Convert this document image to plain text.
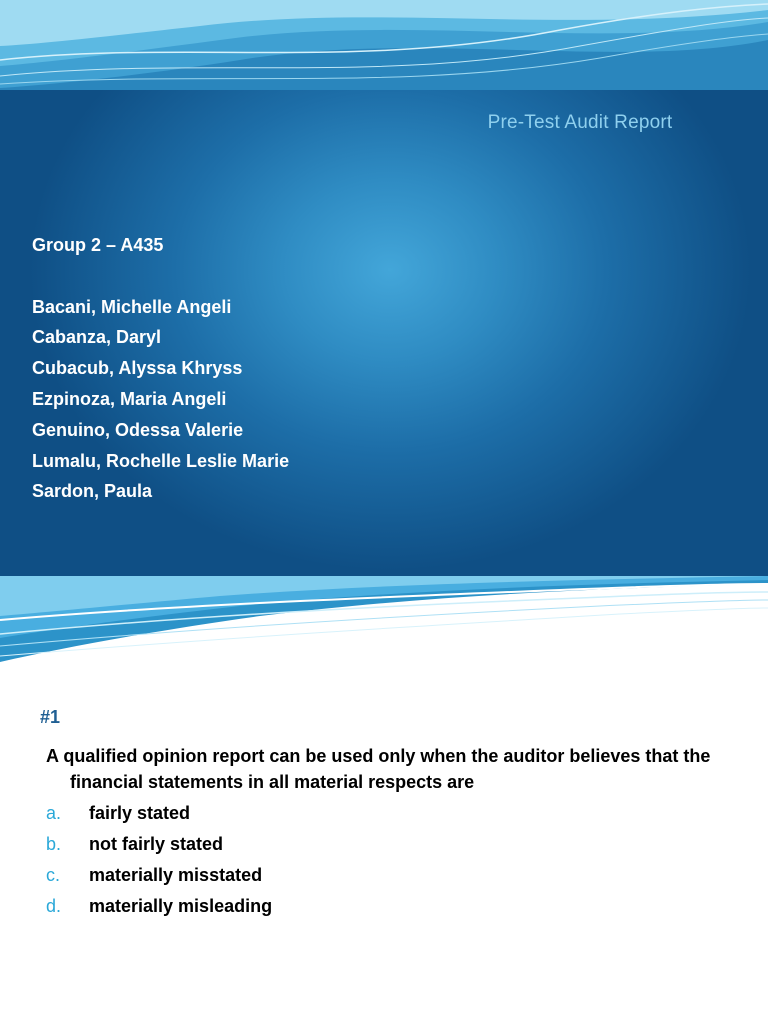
Pre-Test Audit Report
Group 2 – A435
Bacani, Michelle Angeli
Cabanza, Daryl
Cubacub, Alyssa Khryss
Ezpinoza, Maria Angeli
Genuino, Odessa Valerie
Lumalu, Rochelle Leslie Marie
Sardon, Paula
#1
A qualified opinion report can be used only when the auditor believes that the financial statements in all material respects are
a.	fairly stated
b.	not fairly stated
c.	materially misstated
d.	materially misleading
